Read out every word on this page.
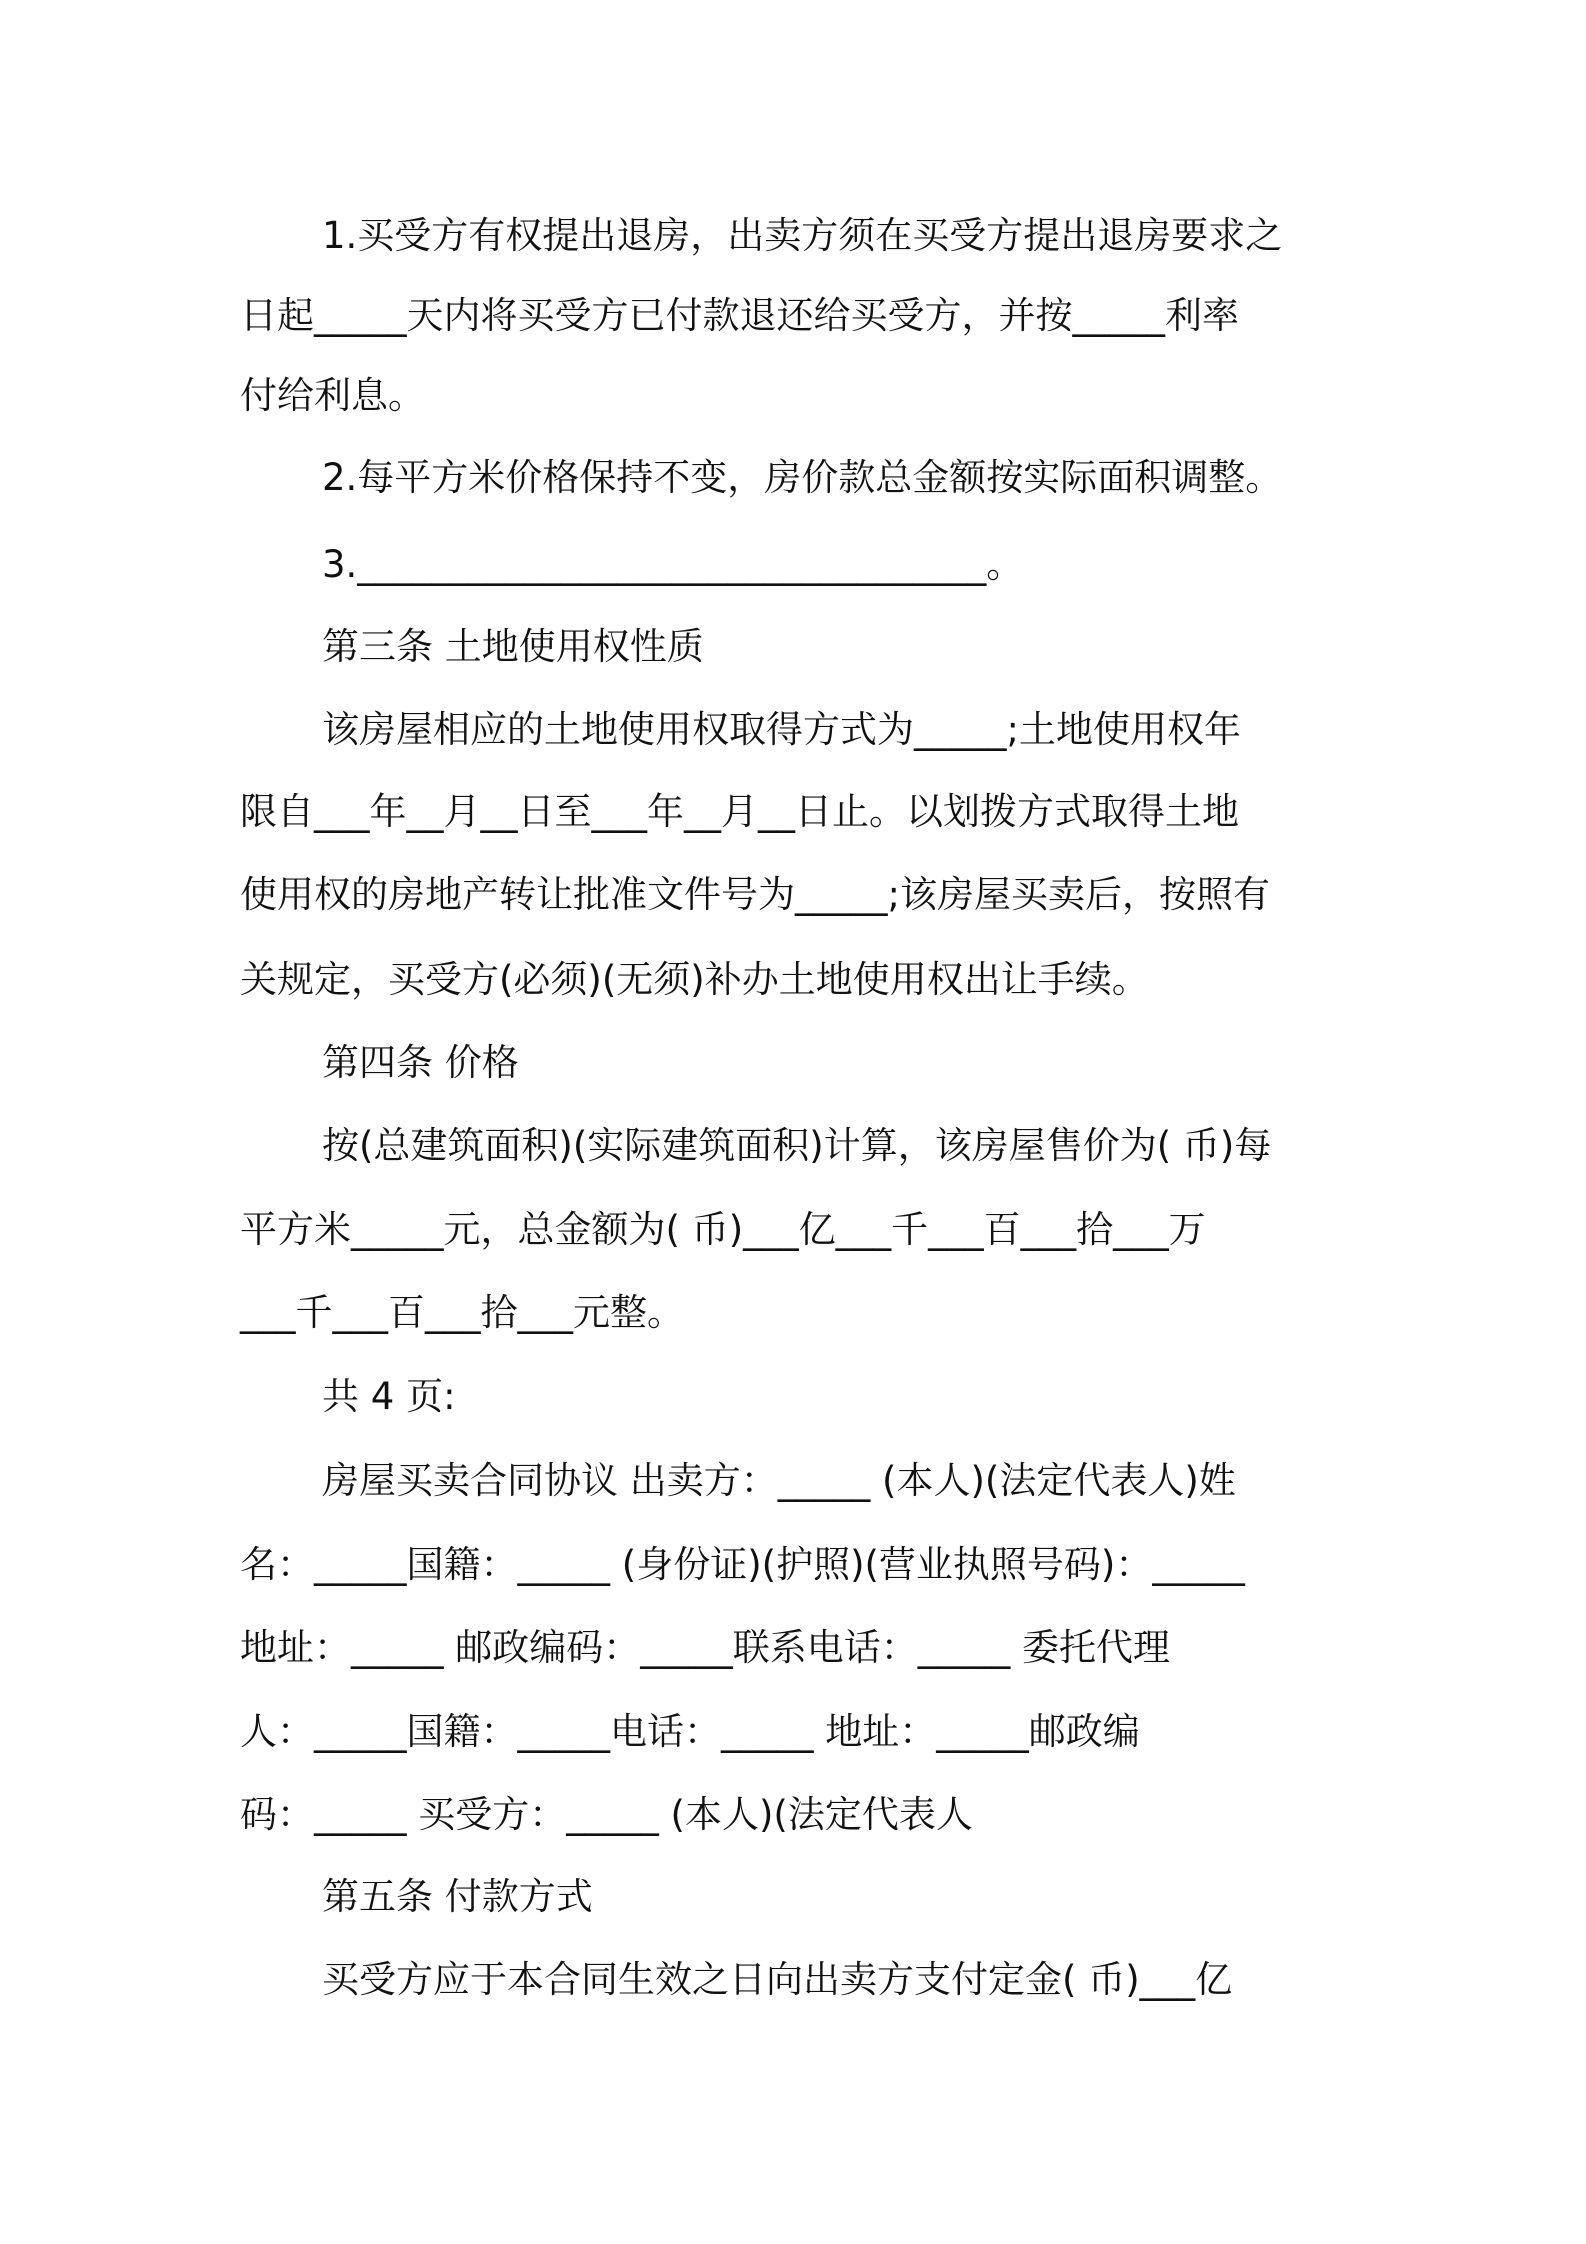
1.买受方有权提出退房，出卖方须在买受方提出退房要求之
日起_____天内将买受方已付款退还给买受方，并按_____利率
付给利息。
2.每平方米价格保持不变，房价款总金额按实际面积调整。
3.__________________________________。
第三条 土地使用权性质
该房屋相应的土地使用权取得方式为_____;土地使用权年
限自___年__月__日至___年__月__日止。以划拨方式取得土地
使用权的房地产转让批准文件号为_____;该房屋买卖后，按照有
关规定，买受方(必须)(无须)补办土地使用权出让手续。
第四条 价格
按(总建筑面积)(实际建筑面积)计算，该房屋售价为( 币)每
平方米_____元，总金额为( 币)___亿___千___百___拾___万
___千___百___拾___元整。
共 4 页:
房屋买卖合同协议 出卖方：_____ (本人)(法定代表人)姓
名：_____国籍：_____ (身份证)(护照)(营业执照号码)：_____
地址：_____ 邮政编码：_____联系电话：_____ 委托代理
人：_____国籍：_____电话：_____ 地址：_____邮政编
码：_____ 买受方：_____ (本人)(法定代表人
第五条 付款方式
买受方应于本合同生效之日向出卖方支付定金( 币)___亿
